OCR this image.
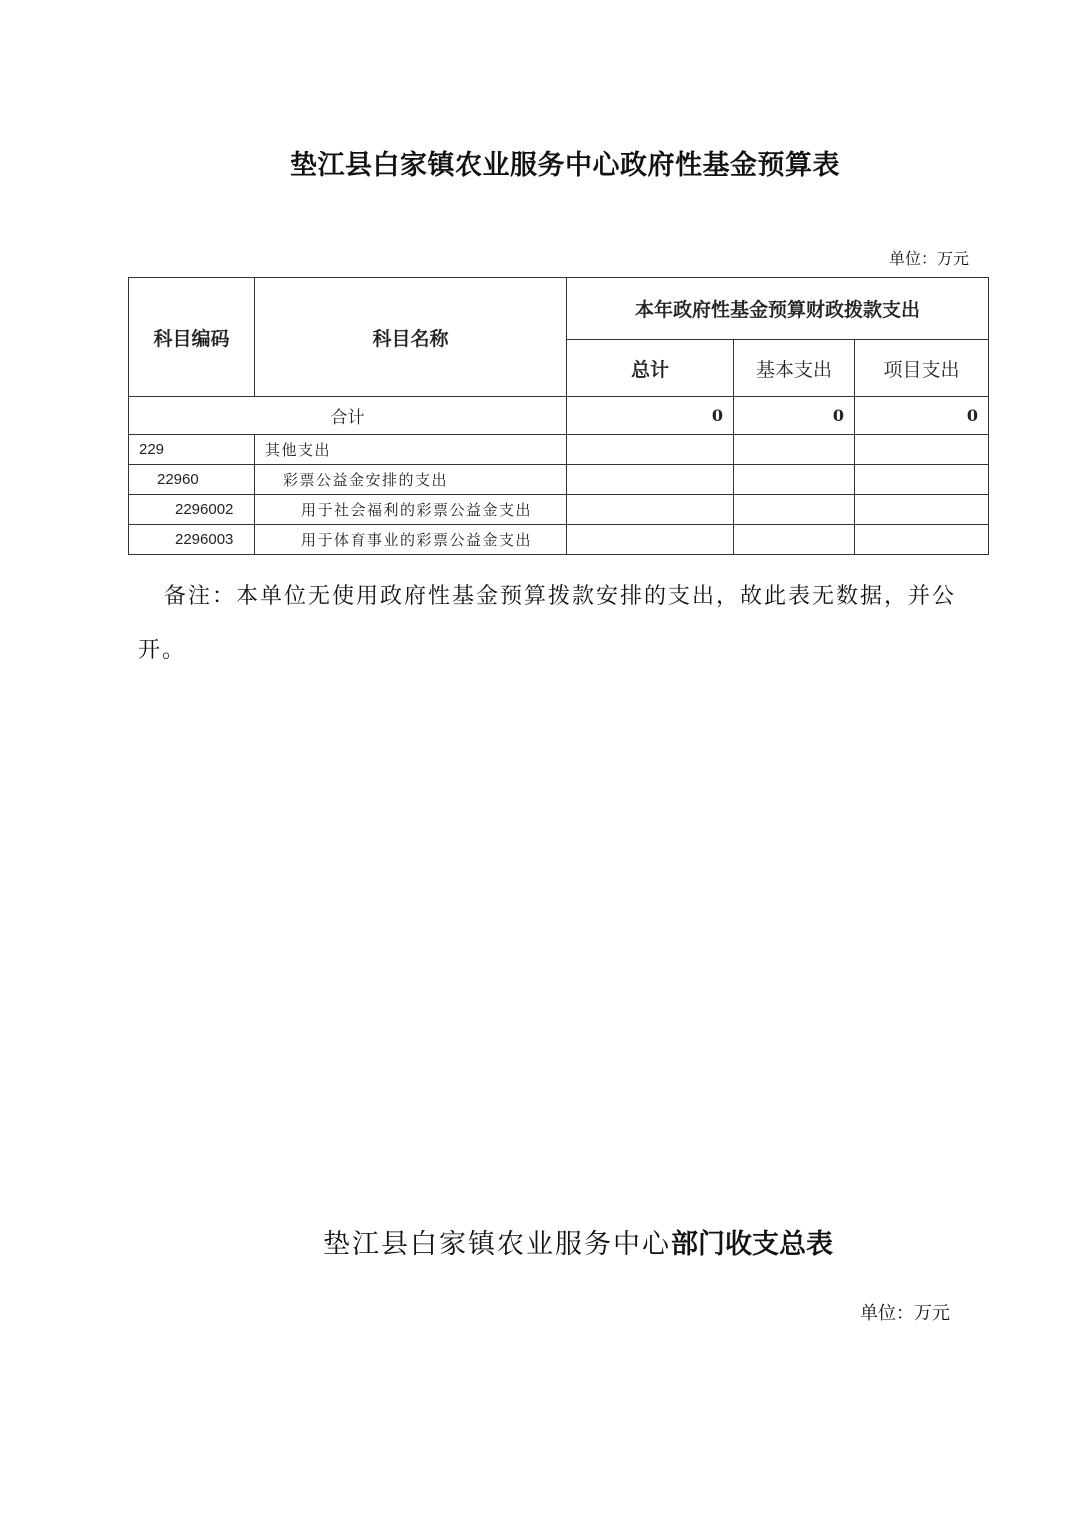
垫江县白家镇农业服务中心政府性基金预算表
单位：万元
科目编码	科目名称	本年政府性基金预算财政拨款支出		
		总计	基本支出	项目支出
合计		0	0	0
229	其他支出			
22960	彩票公益金安排的支出			
2296002	用于社会福利的彩票公益金支出			
2296003	用于体育事业的彩票公益金支出			
备注：本单位无使用政府性基金预算拨款安排的支出，故此表无数据，并公开。
垫江县白家镇农业服务中心部门收支总表
单位：万元
